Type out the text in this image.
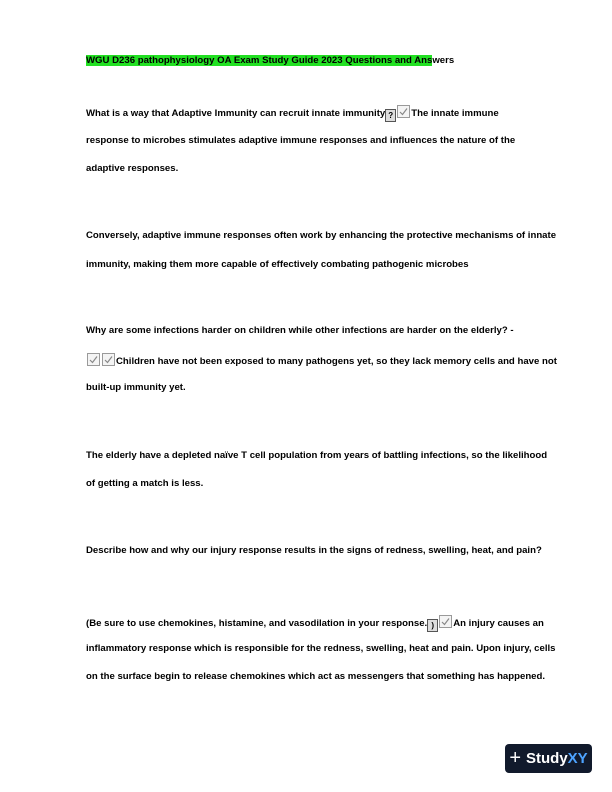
WGU D236 pathophysiology OA Exam Study Guide 2023 Questions and Answers
What is a way that Adaptive Immunity can recruit innate immunity ? The innate immune
response to microbes stimulates adaptive immune responses and influences the nature of the
adaptive responses.
Conversely, adaptive immune responses often work by enhancing the protective mechanisms of innate
immunity, making them more capable of effectively combating pathogenic microbes
Why are some infections harder on children while other infections are harder on the elderly? -
Children have not been exposed to many pathogens yet, so they lack memory cells and have not
built-up immunity yet.
The elderly have a depleted naïve T cell population from years of battling infections, so the likelihood
of getting a match is less.
Describe how and why our injury response results in the signs of redness, swelling, heat, and pain?
(Be sure to use chemokines, histamine, and vasodilation in your response. ) An injury causes an
inflammatory response which is responsible for the redness, swelling, heat and pain. Upon injury, cells
on the surface begin to release chemokines which act as messengers that something has happened.
+ StudyXY
